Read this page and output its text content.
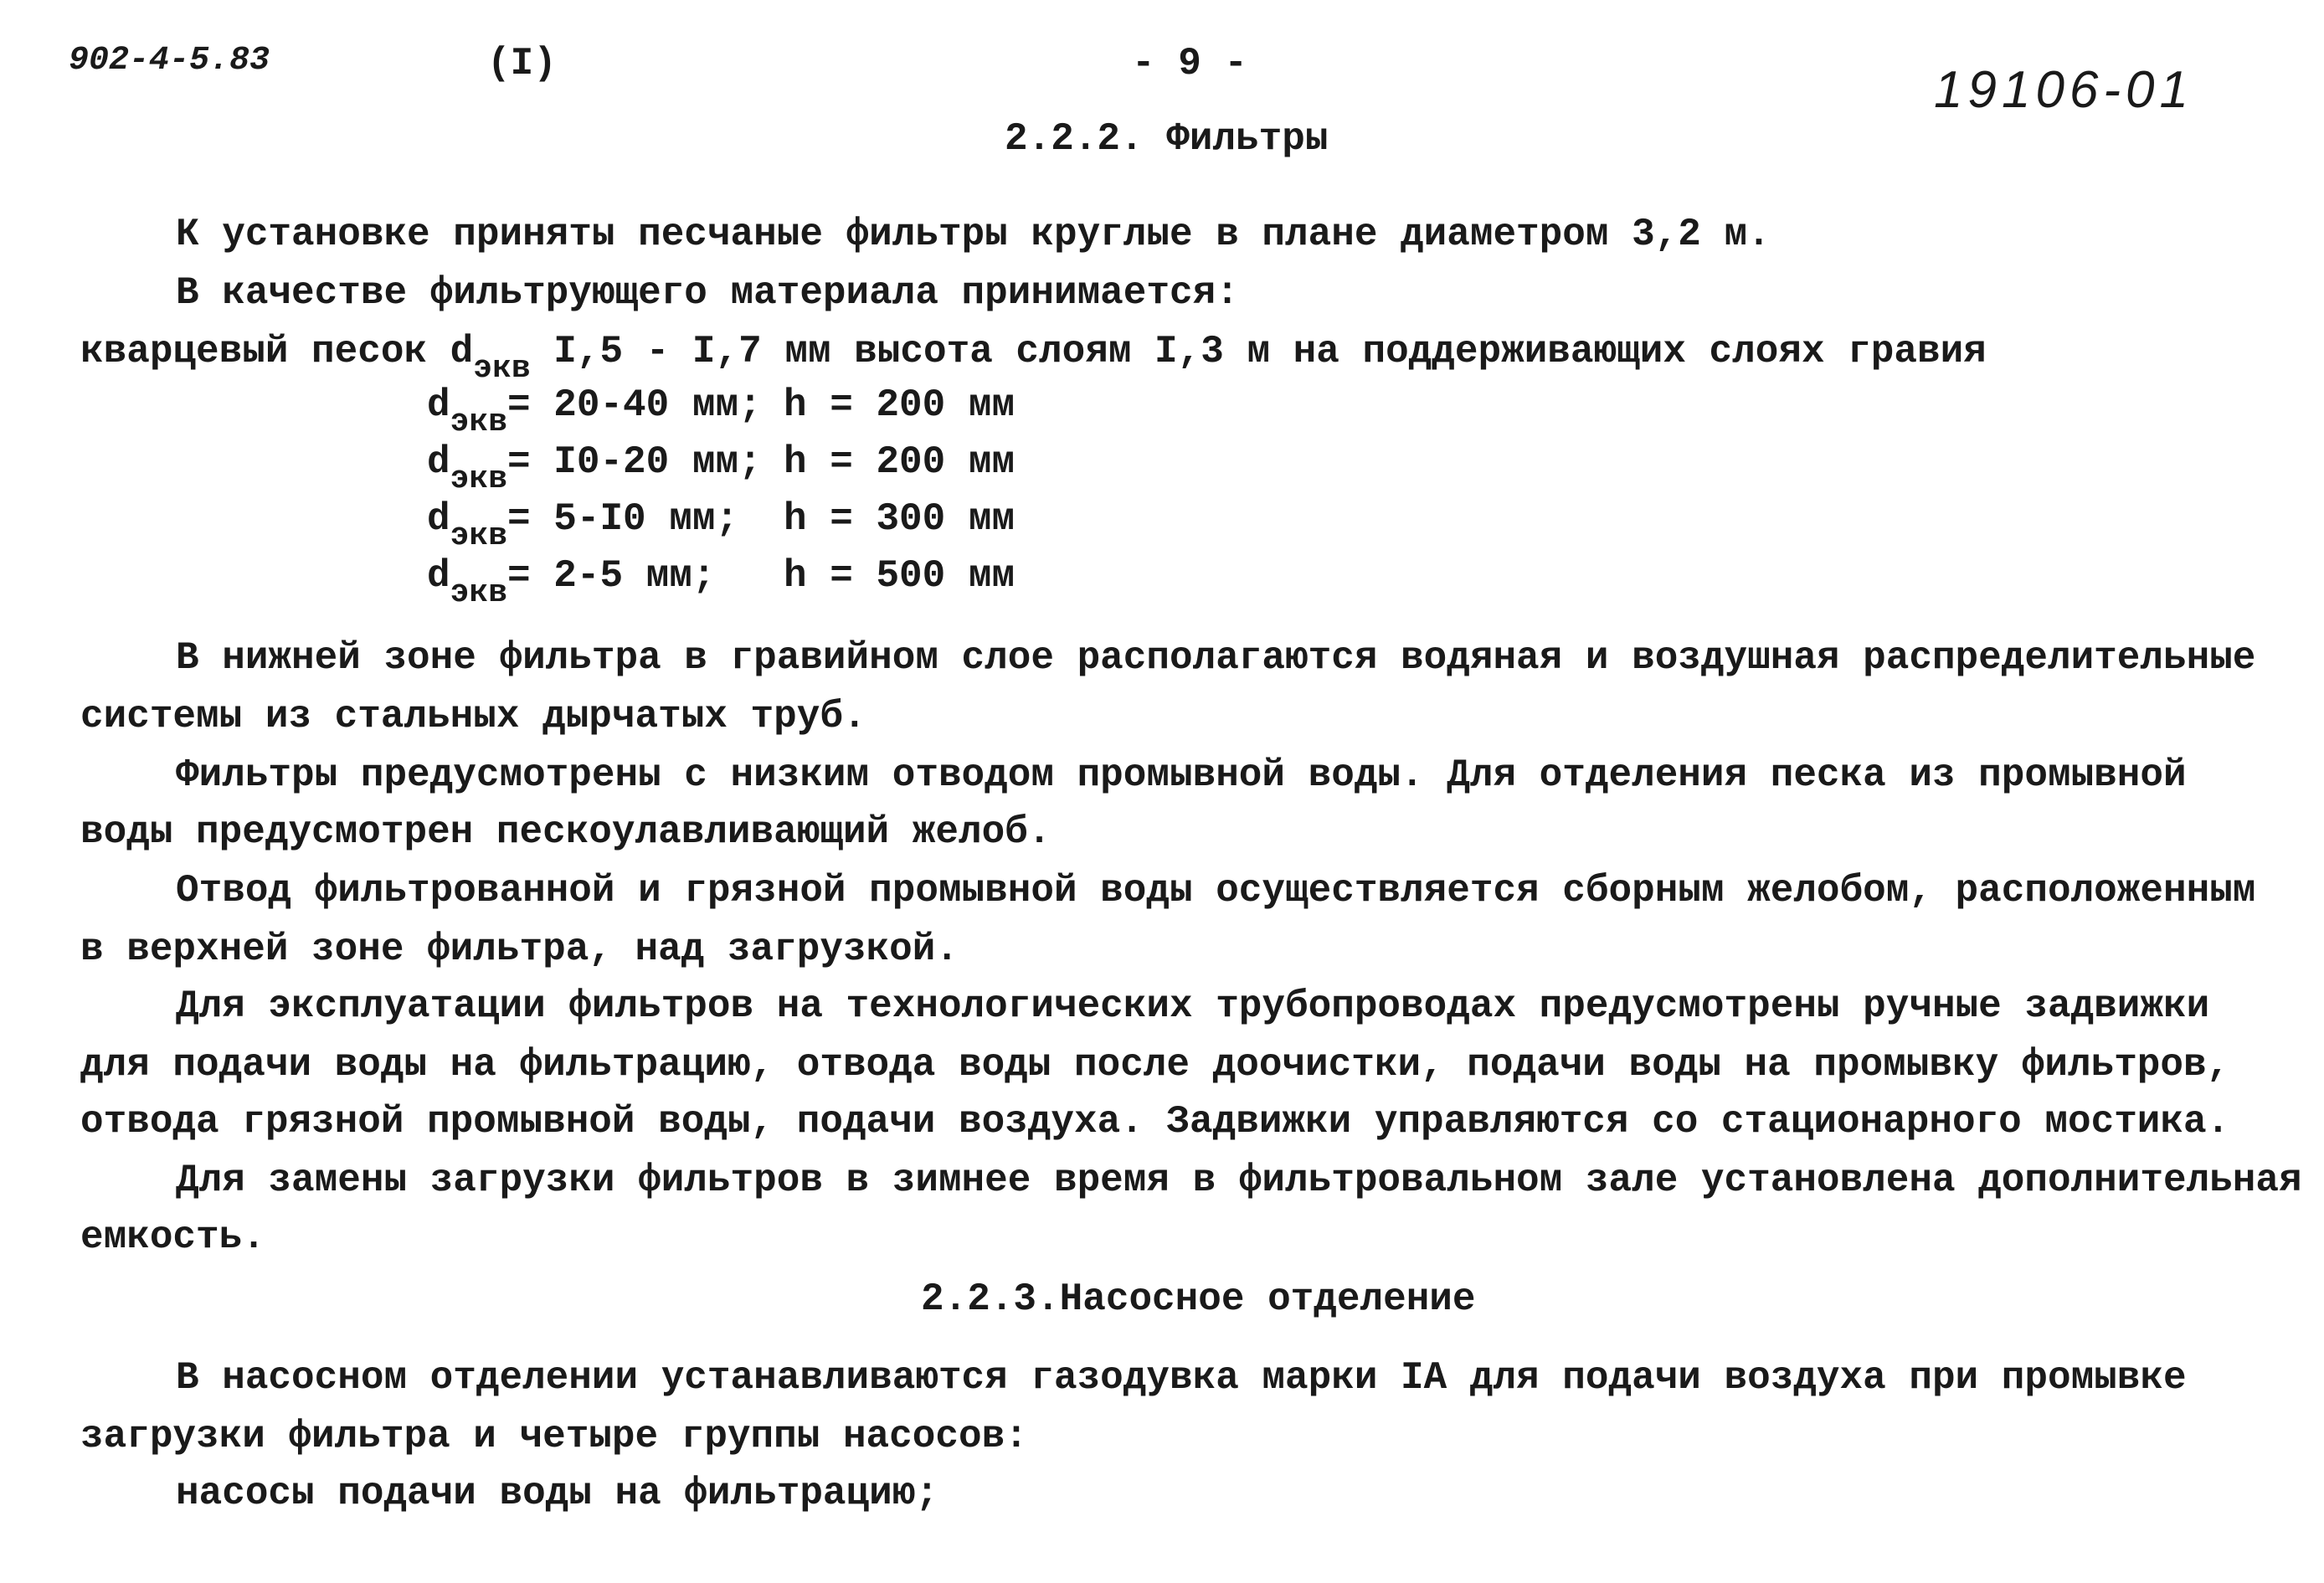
902-4-5.83	(I)	- 9 -	19106-01
2.2.2. Фильтры
К установке приняты песчаные фильтры круглые в плане диаметром 3,2 м.
В качестве фильтрующего материала принимается:
кварцевый песок $d_{экв}$ I,5 - I,7 мм высота слоям I,3 м на поддерживающих слоях гравия
$d_{экв}= 20-40$ мм; h = 200 мм
$d_{экв}= I0-20$ мм; h = 200 мм
$d_{экв}= 5-I0$ мм; h = 300 мм
$d_{экв}= 2-5$ мм; h = 500 мм
В нижней зоне фильтра в гравийном слое располагаются водяная и воздушная распределительные
системы из стальных дырчатых труб.
Фильтры предусмотрены с низким отводом промывной воды. Для отделения песка из промывной
воды предусмотрен пескоулавливающий желоб.
Отвод фильтрованной и грязной промывной воды осуществляется сборным желобом, расположенным
в верхней зоне фильтра, над загрузкой.
Для эксплуатации фильтров на технологических трубопроводах предусмотрены ручные задвижки
для подачи воды на фильтрацию, отвода воды после доочистки, подачи воды на промывку фильтров,
отвода грязной промывной воды, подачи воздуха. Задвижки управляются со стационарного мостика.
Для замены загрузки фильтров в зимнее время в фильтровальном зале установлена дополнительная
емкость.
2.2.3.Насосное отделение
В насосном отделении устанавливаются газодувка марки IA для подачи воздуха при промывке
загрузки фильтра и четыре группы насосов:
насосы подачи воды на фильтрацию;
